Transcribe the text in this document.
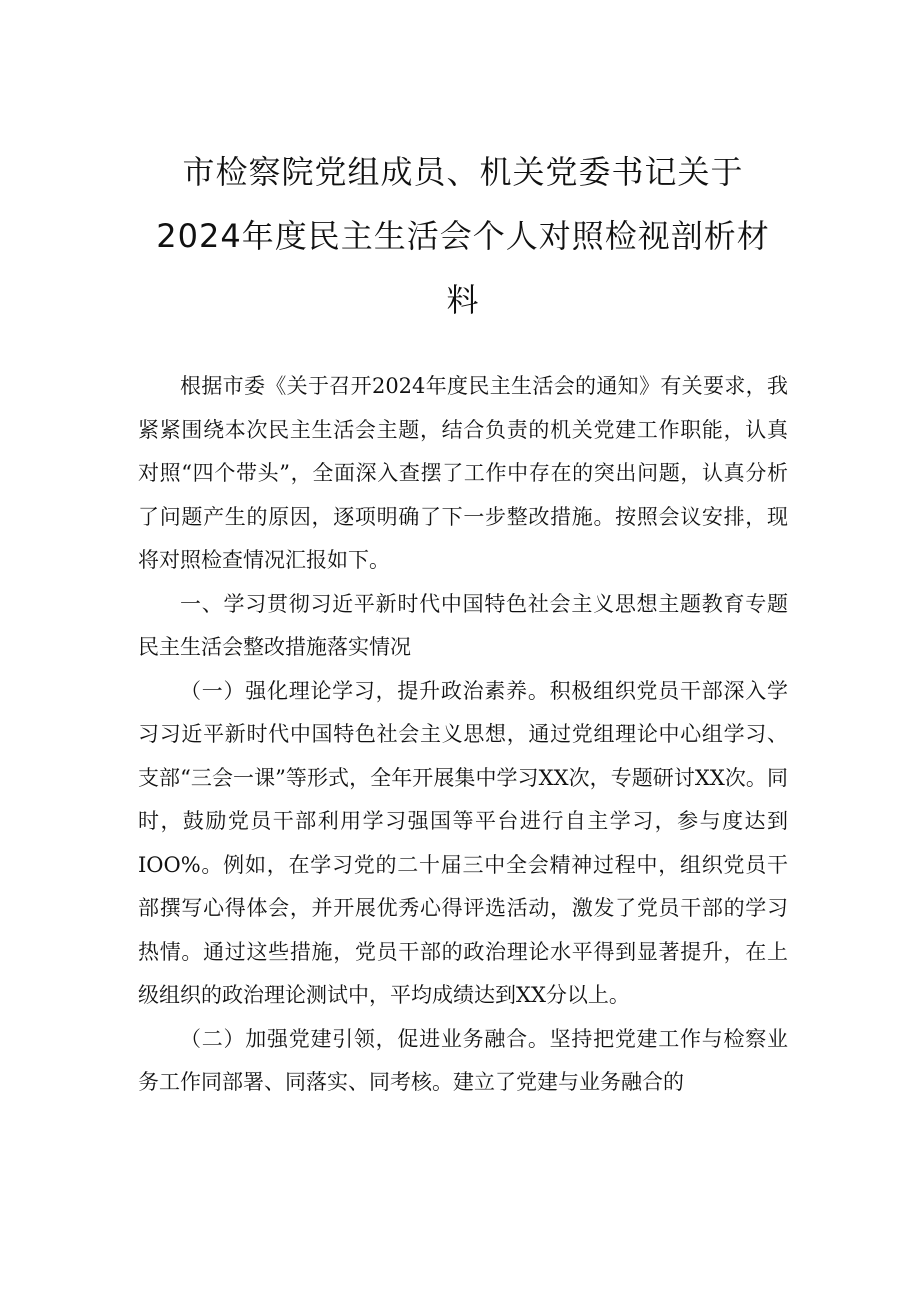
市检察院党组成员、机关党委书记关于
2024年度民主生活会个人对照检视剖析材
料

根据市委《关于召开2024年度民主生活会的通知》有关要求，我紧紧围绕本次民主生活会主题，结合负责的机关党建工作职能，认真对照“四个带头”，全面深入查摆了工作中存在的突出问题，认真分析了问题产生的原因，逐项明确了下一步整改措施。按照会议安排，现将对照检查情况汇报如下。

一、学习贯彻习近平新时代中国特色社会主义思想主题教育专题民主生活会整改措施落实情况

（一）强化理论学习，提升政治素养。积极组织党员干部深入学习习近平新时代中国特色社会主义思想，通过党组理论中心组学习、支部“三会一课”等形式，全年开展集中学习XX次，专题研讨XX次。同时，鼓励党员干部利用学习强国等平台进行自主学习，参与度达到IOO%。例如，在学习党的二十届三中全会精神过程中，组织党员干部撰写心得体会，并开展优秀心得评选活动，激发了党员干部的学习热情。通过这些措施，党员干部的政治理论水平得到显著提升，在上级组织的政治理论测试中，平均成绩达到XX分以上。

（二）加强党建引领，促进业务融合。坚持把党建工作与检察业务工作同部署、同落实、同考核。建立了党建与业务融合的
